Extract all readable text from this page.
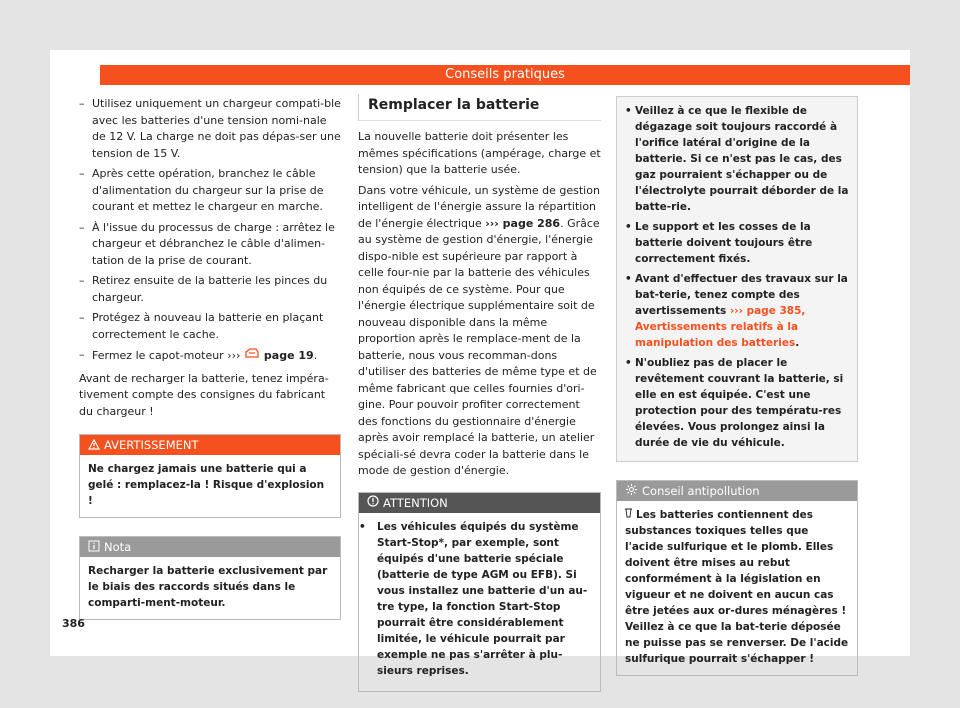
Conseils pratiques
– Utilisez uniquement un chargeur compati-ble avec les batteries d'une tension nomi-nale de 12 V. La charge ne doit pas dépas-ser une tension de 15 V.
– Après cette opération, branchez le câble d'alimentation du chargeur sur la prise de courant et mettez le chargeur en marche.
– À l'issue du processus de charge : arrêtez le chargeur et débranchez le câble d'alimen-tation de la prise de courant.
– Retirez ensuite de la batterie les pinces du chargeur.
– Protégez à nouveau la batterie en plaçant correctement le cache.
– Fermez le capot-moteur ››› page 19.

Avant de recharger la batterie, tenez impéra-tivement compte des consignes du fabricant du chargeur !

AVERTISSEMENT
Ne chargez jamais une batterie qui a gelé : remplacez-la ! Risque d'explosion !
Nota
Recharger la batterie exclusivement par le biais des raccords situés dans le comparti-ment-moteur.
Remplacer la batterie

La nouvelle batterie doit présenter les mêmes spécifications (ampérage, charge et tension) que la batterie usée.

Dans votre véhicule, un système de gestion intelligent de l'énergie assure la répartition de l'énergie électrique ››› page 286. Grâce au système de gestion d'énergie, l'énergie dispo-nible est supérieure par rapport à celle four-nie par la batterie des véhicules non équipés de ce système. Pour que l'énergie électrique supplémentaire soit de nouveau disponible dans la même proportion après le remplace-ment de la batterie, nous vous recomman-dons d'utiliser des batteries de même type et de même fabricant que celles fournies d'ori-gine. Pour pouvoir profiter correctement des fonctions du gestionnaire d'énergie après avoir remplacé la batterie, un atelier spéciali-sé devra coder la batterie dans le mode de gestion d'énergie.

ATTENTION
• Les véhicules équipés du système Start-Stop*, par exemple, sont équipés d'une batterie spéciale (batterie de type AGM ou EFB). Si vous installez une batterie d'un au-tre type, la fonction Start-Stop pourrait être considérablement limitée, le véhicule pourrait par exemple ne pas s'arrêter à plu-sieurs reprises.
• Veillez à ce que le flexible de dégazage soit toujours raccordé à l'orifice latéral d'origine de la batterie. Si ce n'est pas le cas, des gaz pourraient s'échapper ou de l'électrolyte pourrait déborder de la batte-rie.
• Le support et les cosses de la batterie doivent toujours être correctement fixés.
• Avant d'effectuer des travaux sur la bat-terie, tenez compte des avertissements ››› page 385, Avertissements relatifs à la manipulation des batteries.
• N'oubliez pas de placer le revêtement couvrant la batterie, si elle en est équipée. C'est une protection pour des températu-res élevées. Vous prolongez ainsi la durée de vie du véhicule.
Conseil antipollution
Les batteries contiennent des substances toxiques telles que l'acide sulfurique et le plomb. Elles doivent être mises au rebut conformément à la législation en vigueur et ne doivent en aucun cas être jetées aux or-dures ménagères ! Veillez à ce que la bat-terie déposée ne puisse pas se renverser. De l'acide sulfurique pourrait s'échapper !
386
